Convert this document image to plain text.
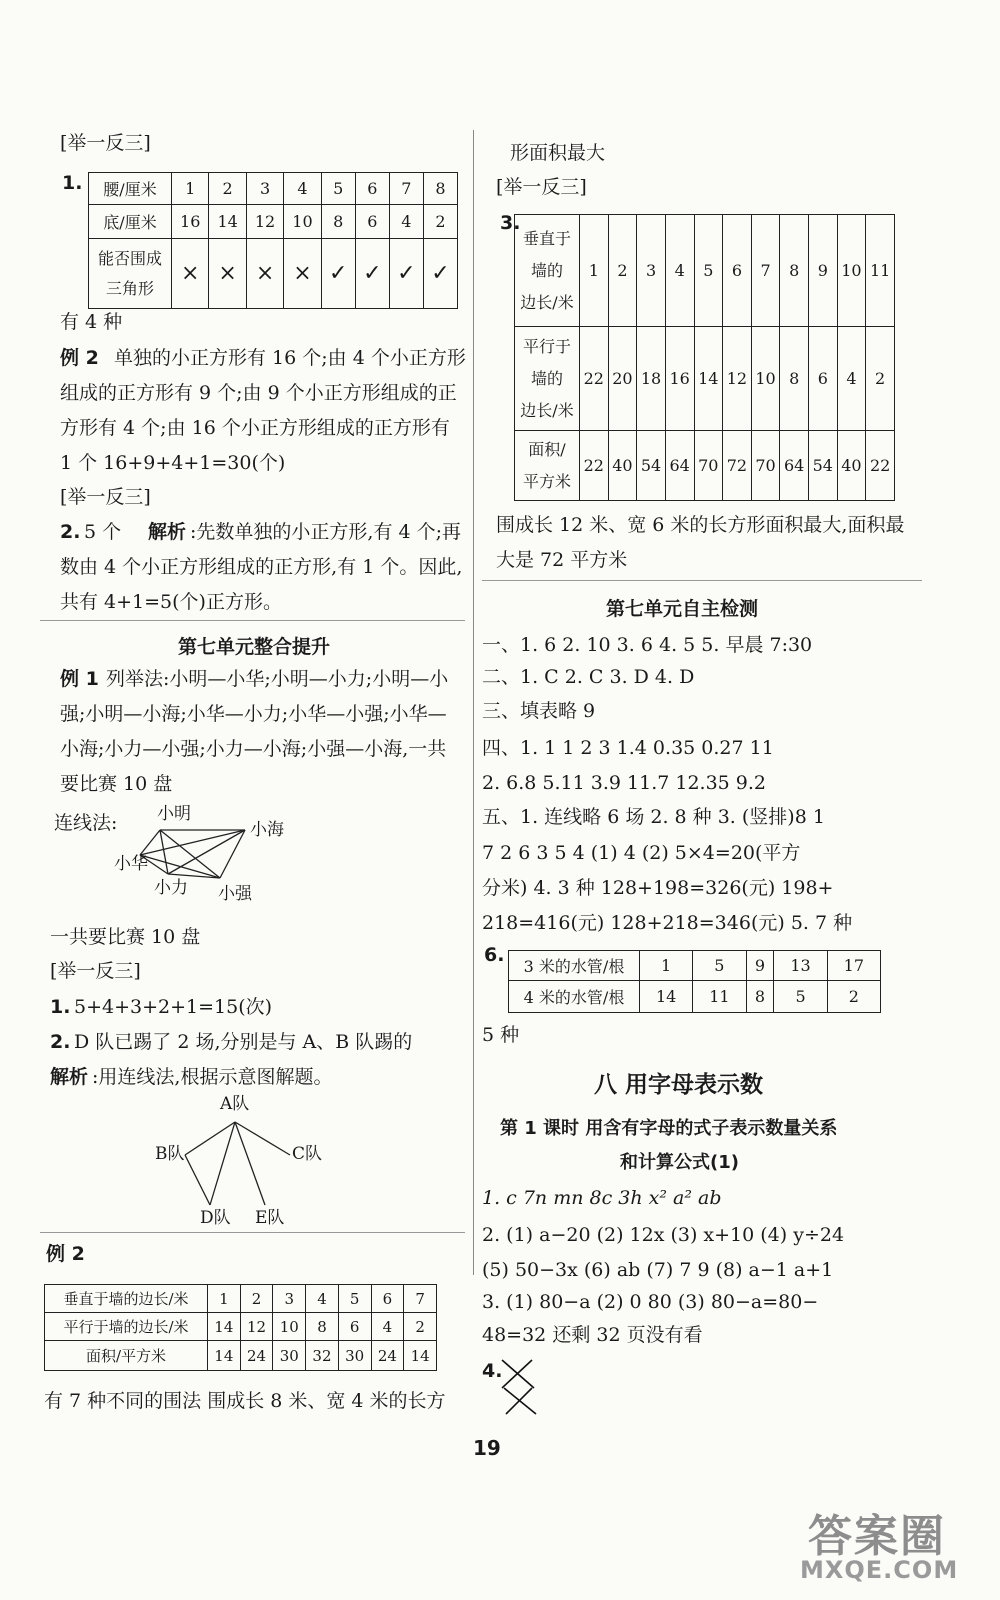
[举一反三]
1. 腰/厘米	1	2	3	4	5	6	7	8
底/厘米	16	14	12	10	8	6	4	2

能否围成
三角形	×	×	×	×	✓	✓	✓	✓
有 4 种
例 2 单独的小正方形有 16 个;由 4 个小正方形
组成的正方形有 9 个;由 9 个小正方形组成的正
方形有 4 个;由 16 个小正方形组成的正方形有
1 个 16+9+4+1=30(个)
[举一反三]
2. 5 个 解析 :先数单独的小正方形,有 4 个;再
数由 4 个小正方形组成的正方形,有 1 个。因此,
共有 4+1=5(个)正方形。
第七单元整合提升
例 1 列举法:小明—小华;小明—小力;小明—小
强;小明—小海;小华—小力;小华—小强;小华—
小海;小力—小强;小力—小海;小强—小海,一共
要比赛 10 盘
连线法: 小明
小海
小华
小力 小强
一共要比赛 10 盘
[举一反三]
1. 5+4+3+2+1=15(次)
2. D 队已踢了 2 场,分别是与 A、B 队踢的
解析 :用连线法,根据示意图解题。
A队
B队	C队
D队 E队
例 2
垂直于墙的边长/米	1	2	3	4	5	6	7
平行于墙的边长/米	14	12	10	8	6	4	2
面积/平方米	14	24	30	32	30	24	14
有 7 种不同的围法 围成长 8 米、宽 4 米的长方
形面积最大
[举一反三]
3.
垂直于
墙的
边长/米	1	2	3	4	5	6	7	8	9	10	11

平行于
墙的
边长/米	22	20	18	16	14	12	10	8	6	4	2

面积/
平方米	22	40	54	64	70	72	70	64	54	40	22
围成长 12 米、宽 6 米的长方形面积最大,面积最
大是 72 平方米
第七单元自主检测
一、1. 6 2. 10 3. 6 4. 5 5. 早晨 7:30
二、1. C 2. C 3. D 4. D
三、填表略 9
四、1. 1 1 2 3 1.4 0.35 0.27 11
2. 6.8 5.11 3.9 11.7 12.35 9.2
五、1. 连线略 6 场 2. 8 种 3. (竖排)8 1
7 2 6 3 5 4 (1) 4 (2) 5×4=20(平方
分米) 4. 3 种 128+198=326(元) 198+
218=416(元) 128+218=346(元) 5. 7 种
6.
3 米的水管/根	1	5	9	13	17
4 米的水管/根	14	11	8	5	2
5 种
八 用字母表示数
第 1 课时 用含有字母的式子表示数量关系
和计算公式(1)
1. c 7n mn 8c 3h x² a² ab
2. (1) a−20 (2) 12x (3) x+10 (4) y÷24
(5) 50−3x (6) ab (7) 7 9 (8) a−1 a+1
3. (1) 80−a (2) 0 80 (3) 80−a=80−
48=32 还剩 32 页没有看
4.
19
答案圈
MXQE.COM
